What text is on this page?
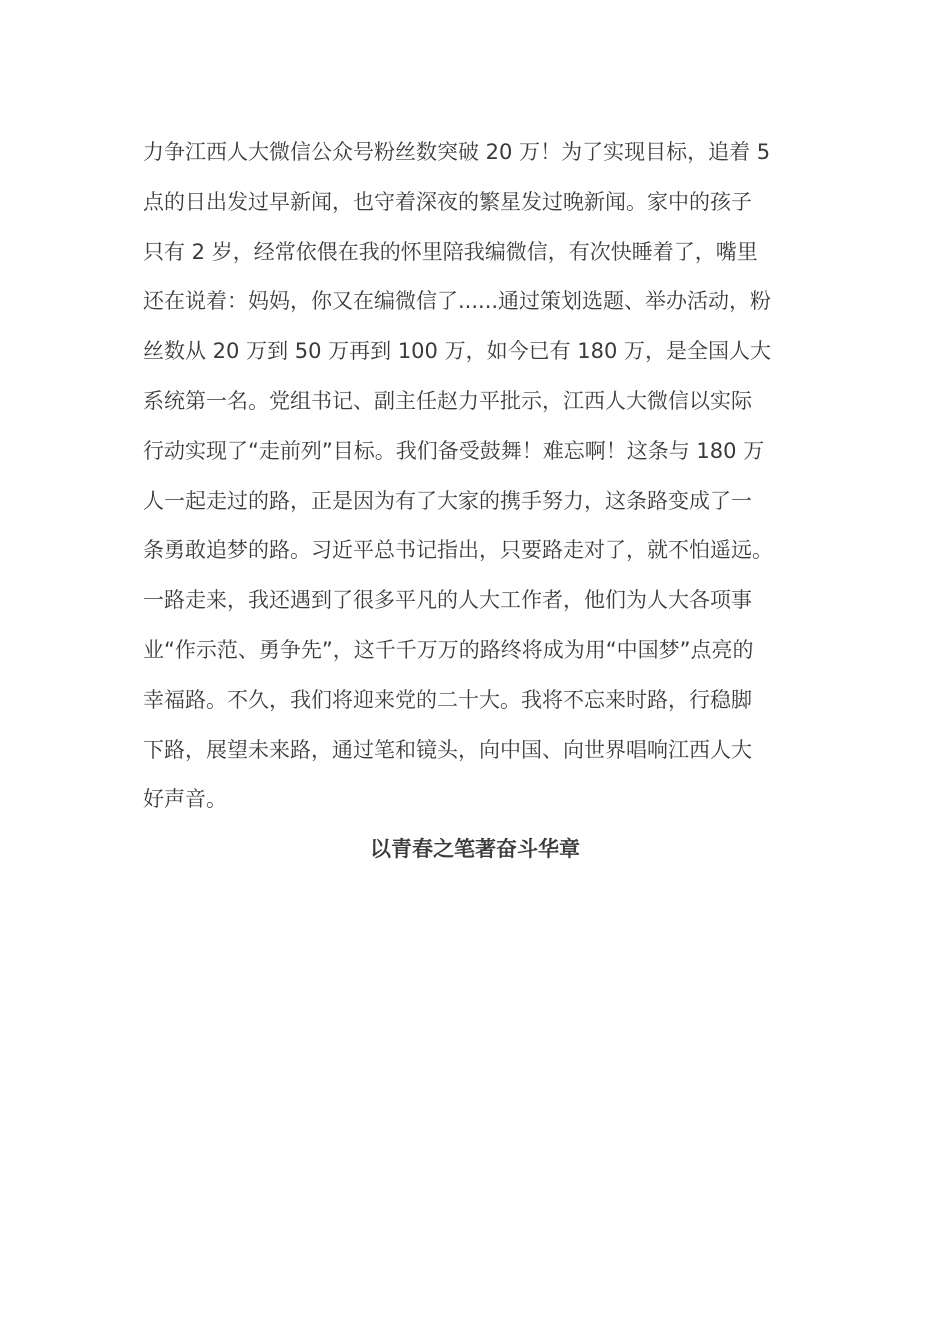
力争江西人大微信公众号粉丝数突破 20 万！为了实现目标，追着 5
点的日出发过早新闻，也守着深夜的繁星发过晚新闻。家中的孩子
只有 2 岁，经常依偎在我的怀里陪我编微信，有次快睡着了，嘴里
还在说着：妈妈，你又在编微信了......通过策划选题、举办活动，粉
丝数从 20 万到 50 万再到 100 万，如今已有 180 万，是全国人大
系统第一名。党组书记、副主任赵力平批示，江西人大微信以实际
行动实现了“走前列”目标。我们备受鼓舞！难忘啊！这条与 180 万
人一起走过的路，正是因为有了大家的携手努力，这条路变成了一
条勇敢追梦的路。习近平总书记指出，只要路走对了，就不怕遥远。
一路走来，我还遇到了很多平凡的人大工作者，他们为人大各项事
业“作示范、勇争先”，这千千万万的路终将成为用“中国梦”点亮的
幸福路。不久，我们将迎来党的二十大。我将不忘来时路，行稳脚
下路，展望未来路，通过笔和镜头，向中国、向世界唱响江西人大
好声音。
以青春之笔著奋斗华章
